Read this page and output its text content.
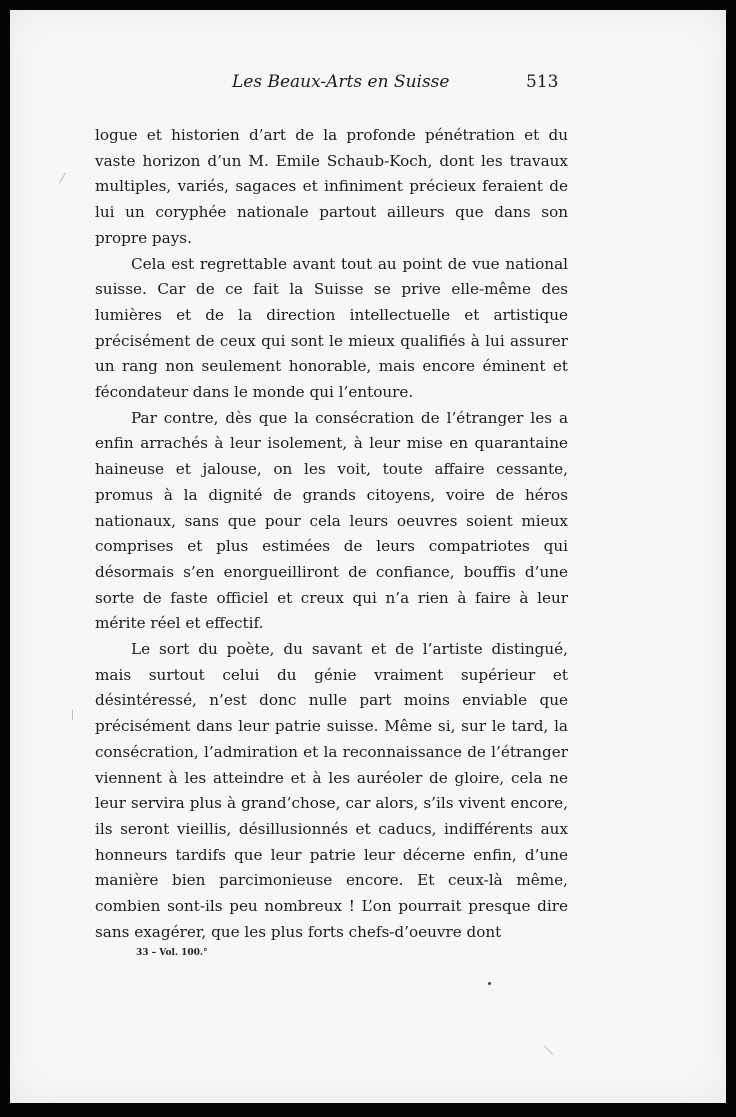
Les Beaux-Arts en Suisse	513

logue et historien d’art de la profonde pénétration et du vaste horizon d’un M. Emile Schaub-Koch, dont les travaux multiples, variés, sagaces et infiniment précieux feraient de lui un coryphée nationale partout ailleurs que dans son propre pays.

Cela est regrettable avant tout au point de vue national suisse. Car de ce fait la Suisse se prive elle-même des lumières et de la direction intellectuelle et artistique précisément de ceux qui sont le mieux qualifiés à lui assurer un rang non seulement honorable, mais encore éminent et fécondateur dans le monde qui l’entoure.

Par contre, dès que la consécration de l’étranger les a enfin arrachés à leur isolement, à leur mise en quarantaine haineuse et jalouse, on les voit, toute affaire cessante, promus à la dignité de grands citoyens, voire de héros nationaux, sans que pour cela leurs oeuvres soient mieux comprises et plus estimées de leurs compatriotes qui désormais s’en enorgueilliront de confiance, bouffis d’une sorte de faste officiel et creux qui n’a rien à faire à leur mérite réel et effectif.

Le sort du poète, du savant et de l’artiste distingué, mais surtout celui du génie vraiment supérieur et désintéressé, n’est donc nulle part moins enviable que précisément dans leur patrie suisse. Même si, sur le tard, la consécration, l’admiration et la reconnaissance de l’étranger viennent à les atteindre et à les auréoler de gloire, cela ne leur servira plus à grand’chose, car alors, s’ils vivent encore, ils seront vieillis, désillusionnés et caducs, indifférents aux honneurs tardifs que leur patrie leur décerne enfin, d’une manière bien parcimonieuse encore. Et ceux-là même, combien sont-ils peu nombreux ! L’on pourrait presque dire sans exagérer, que les plus forts chefs-d’oeuvre dont

33 – Vol. 100.°
